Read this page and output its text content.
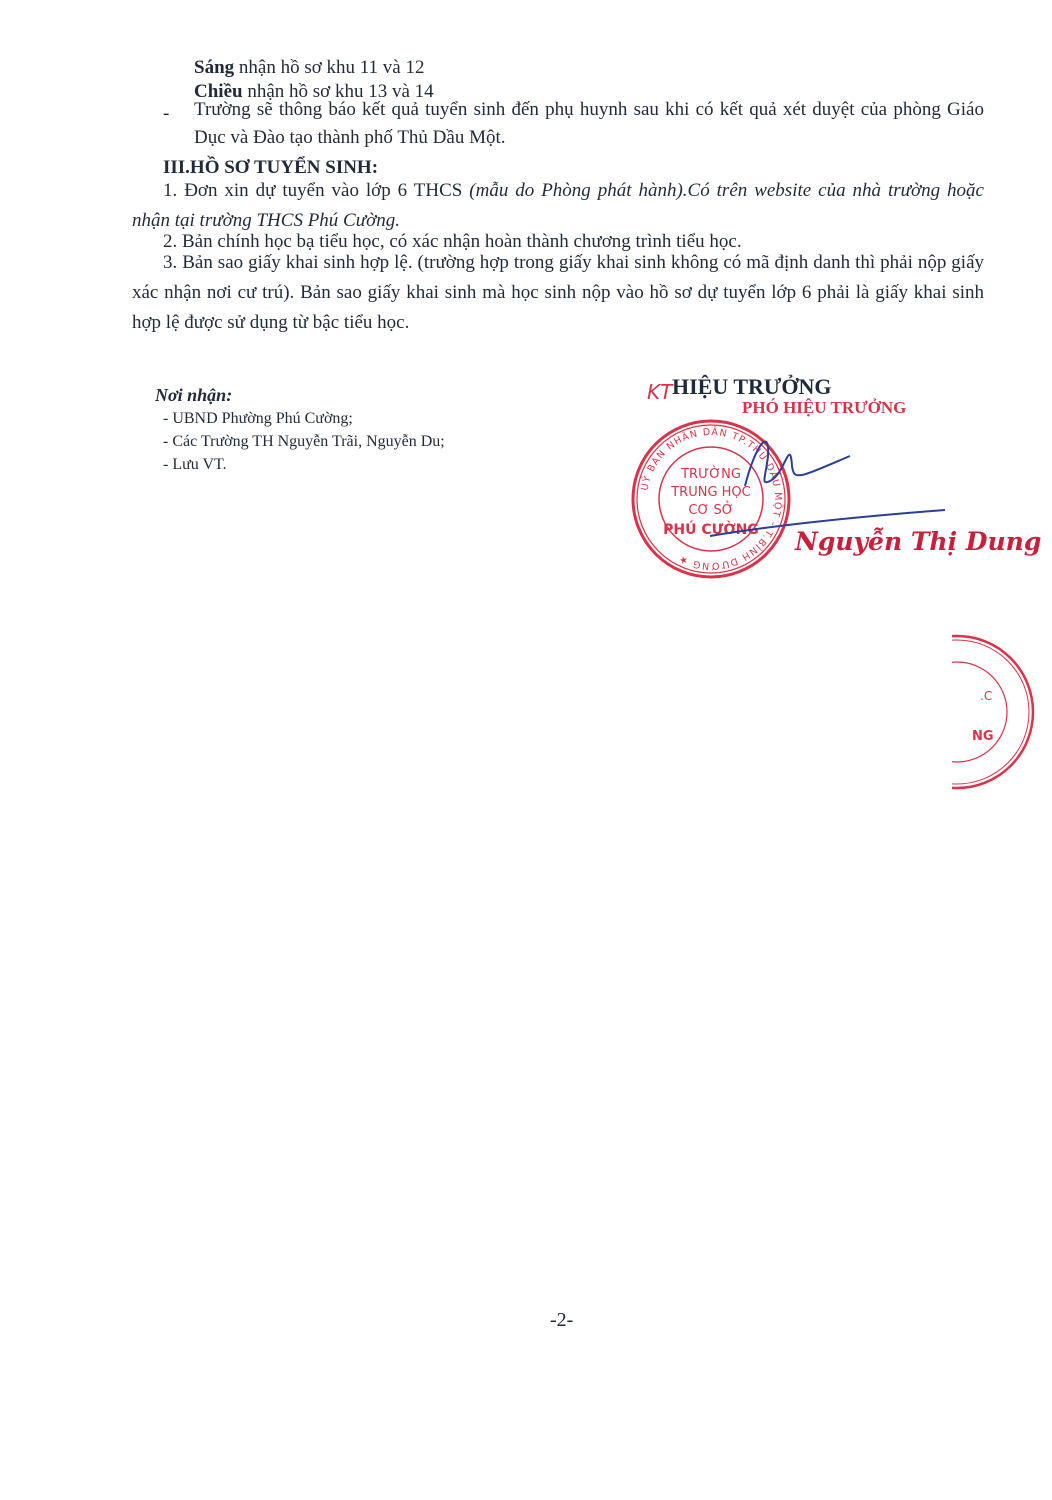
Sáng nhận hồ sơ khu 11 và 12
Chiều nhận hồ sơ khu 13 và 14
- Trường sẽ thông báo kết quả tuyển sinh đến phụ huynh sau khi có kết quả xét duyệt của phòng Giáo Dục và Đào tạo thành phố Thủ Dầu Một.
III.HỒ SƠ TUYỂN SINH:
1. Đơn xin dự tuyển vào lớp 6 THCS (mẫu do Phòng phát hành).Có trên website của nhà trường hoặc nhận tại trường THCS Phú Cường.
2. Bản chính học bạ tiểu học, có xác nhận hoàn thành chương trình tiểu học.
3. Bản sao giấy khai sinh hợp lệ. (trường hợp trong giấy khai sinh không có mã định danh thì phải nộp giấy xác nhận nơi cư trú). Bản sao giấy khai sinh mà học sinh nộp vào hồ sơ dự tuyển lớp 6 phải là giấy khai sinh hợp lệ được sử dụng từ bậc tiểu học.
Nơi nhận:
- UBND Phường Phú Cường;
- Các Trường TH Nguyễn Trãi, Nguyễn Du;
- Lưu VT.
KT HIỆU TRƯỞNG
PHÓ HIỆU TRƯỞNG
UỶ BAN NHÂN DÂN TP.THỦ DẦU MỘT - T.BÌNH DƯƠNG ★
TRƯỜNG
TRUNG HỌC
CƠ SỞ
PHÚ CƯỜNG Nguyễn Thị Dung
.C
NG
-2-
